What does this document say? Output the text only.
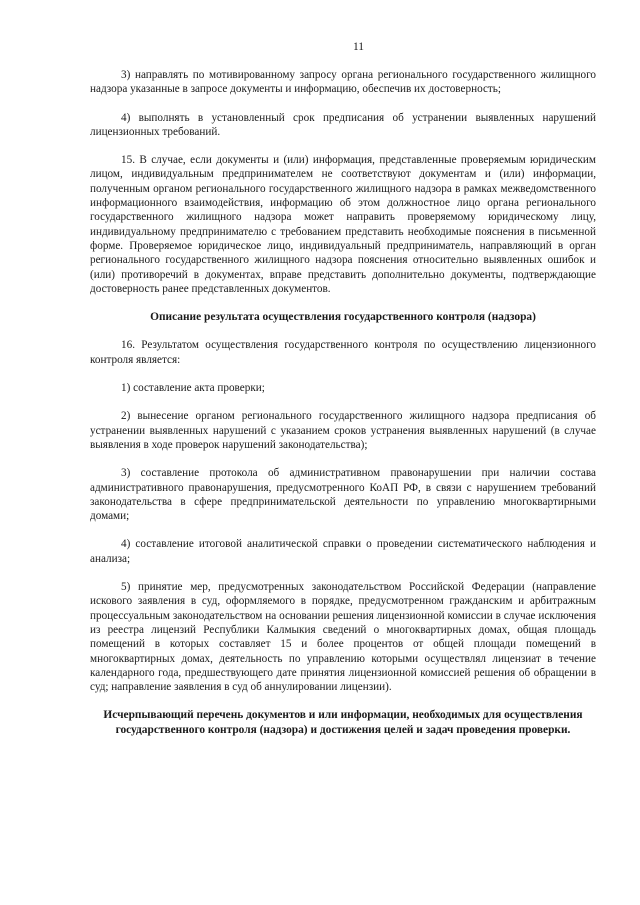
11

3) направлять по мотивированному запросу органа регионального государственного жилищного надзора указанные в запросе документы и информацию, обеспечив их достоверность;

4) выполнять в установленный срок предписания об устранении выявленных нарушений лицензионных требований.

15. В случае, если документы и (или) информация, представленные проверяемым юридическим лицом, индивидуальным предпринимателем не соответствуют документам и (или) информации, полученным органом регионального государственного жилищного надзора в рамках межведомственного информационного взаимодействия, информацию об этом должностное лицо органа регионального государственного жилищного надзора может направить проверяемому юридическому лицу, индивидуальному предпринимателю с требованием представить необходимые пояснения в письменной форме. Проверяемое юридическое лицо, индивидуальный предприниматель, направляющий в орган регионального государственного жилищного надзора пояснения относительно выявленных ошибок и (или) противоречий в документах, вправе представить дополнительно документы, подтверждающие достоверность ранее представленных документов.

Описание результата осуществления государственного контроля (надзора)

16. Результатом осуществления государственного контроля по осуществлению лицензионного контроля является:

1) составление акта проверки;

2) вынесение органом регионального государственного жилищного надзора предписания об устранении выявленных нарушений с указанием сроков устранения выявленных нарушений (в случае выявления в ходе проверок нарушений законодательства);

3) составление протокола об административном правонарушении при наличии состава административного правонарушения, предусмотренного КоАП РФ, в связи с нарушением требований законодательства в сфере предпринимательской деятельности по управлению многоквартирными домами;

4) составление итоговой аналитической справки о проведении систематического наблюдения и анализа;

5) принятие мер, предусмотренных законодательством Российской Федерации (направление искового заявления в суд, оформляемого в порядке, предусмотренном гражданским и арбитражным процессуальным законодательством на основании решения лицензионной комиссии в случае исключения из реестра лицензий Республики Калмыкия сведений о многоквартирных домах, общая площадь помещений в которых составляет 15 и более процентов от общей площади помещений в многоквартирных домах, деятельность по управлению которыми осуществлял лицензиат в течение календарного года, предшествующего дате принятия лицензионной комиссией решения об обращении в суд; направление заявления в суд об аннулировании лицензии).

Исчерпывающий перечень документов и или информации, необходимых для осуществления государственного контроля (надзора) и достижения целей и задач проведения проверки.
